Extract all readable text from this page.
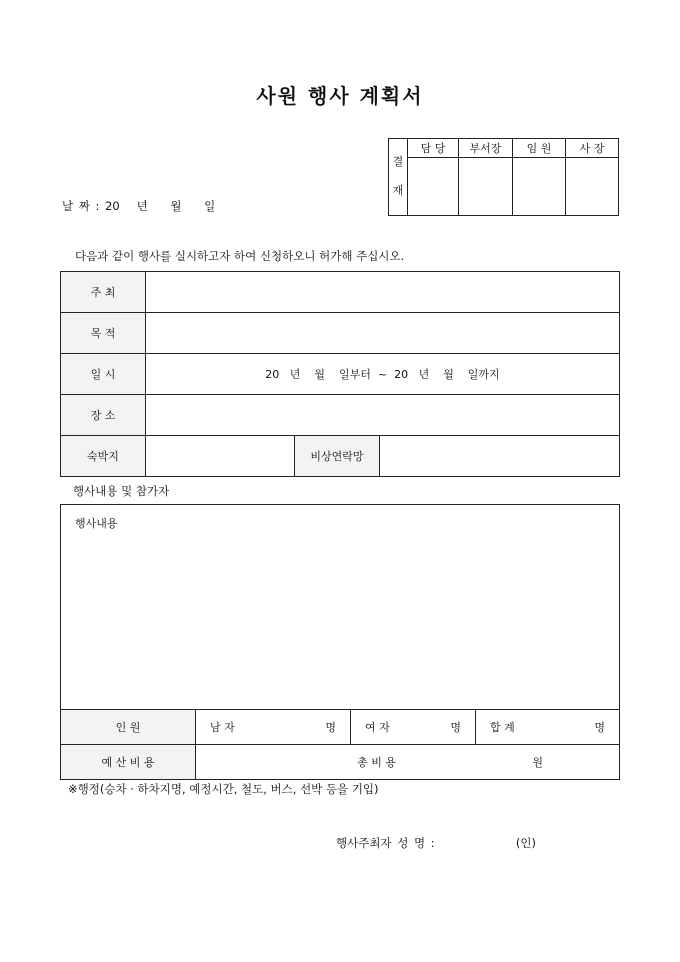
사원 행사 계획서
결
재	담 당	부서장	임 원	사 장

날 짜 : 20   년    월    일
다음과 같이 행사를 실시하고자 하여 신청하오니 허가해 주십시오.
주 최			
목 적			
일 시	20   년    월    일부터  ~  20   년    월    일까지		
장 소			
숙박지		비상연락망	
행사내용 및 참가자
행사내용			
인 원	남 자 명	여 자 명	합 계 명

예 산 비 용	총 비 용 원		
※행정(승차 · 하차지명, 예정시간, 철도, 버스, 선박 등을 기입)
행사주최자 성 명 :	(인)
